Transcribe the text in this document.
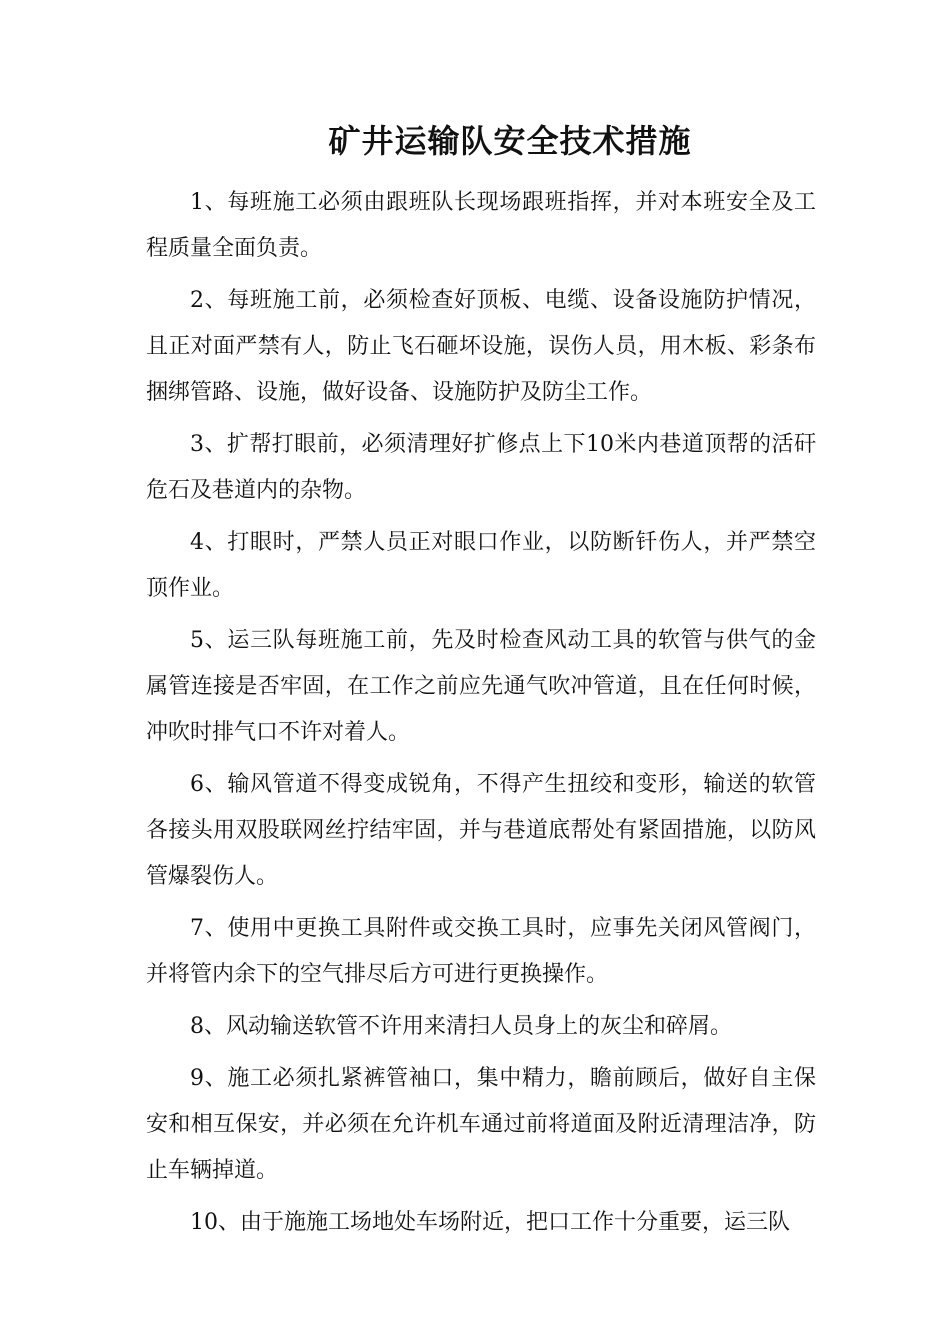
矿井运输队安全技术措施

1、每班施工必须由跟班队长现场跟班指挥，并对本班安全及工程质量全面负责。

2、每班施工前，必须检查好顶板、电缆、设备设施防护情况，且正对面严禁有人，防止飞石砸坏设施，误伤人员，用木板、彩条布捆绑管路、设施，做好设备、设施防护及防尘工作。

3、扩帮打眼前，必须清理好扩修点上下10米内巷道顶帮的活矸危石及巷道内的杂物。

4、打眼时，严禁人员正对眼口作业，以防断钎伤人，并严禁空顶作业。

5、运三队每班施工前，先及时检查风动工具的软管与供气的金属管连接是否牢固，在工作之前应先通气吹冲管道，且在任何时候，冲吹时排气口不许对着人。

6、输风管道不得变成锐角，不得产生扭绞和变形，输送的软管各接头用双股联网丝拧结牢固，并与巷道底帮处有紧固措施，以防风管爆裂伤人。

7、使用中更换工具附件或交换工具时，应事先关闭风管阀门，并将管内余下的空气排尽后方可进行更换操作。

8、风动输送软管不许用来清扫人员身上的灰尘和碎屑。

9、施工必须扎紧裤管袖口，集中精力，瞻前顾后，做好自主保安和相互保安，并必须在允许机车通过前将道面及附近清理洁净，防止车辆掉道。

10、由于施施工场地处车场附近，把口工作十分重要，运三队
